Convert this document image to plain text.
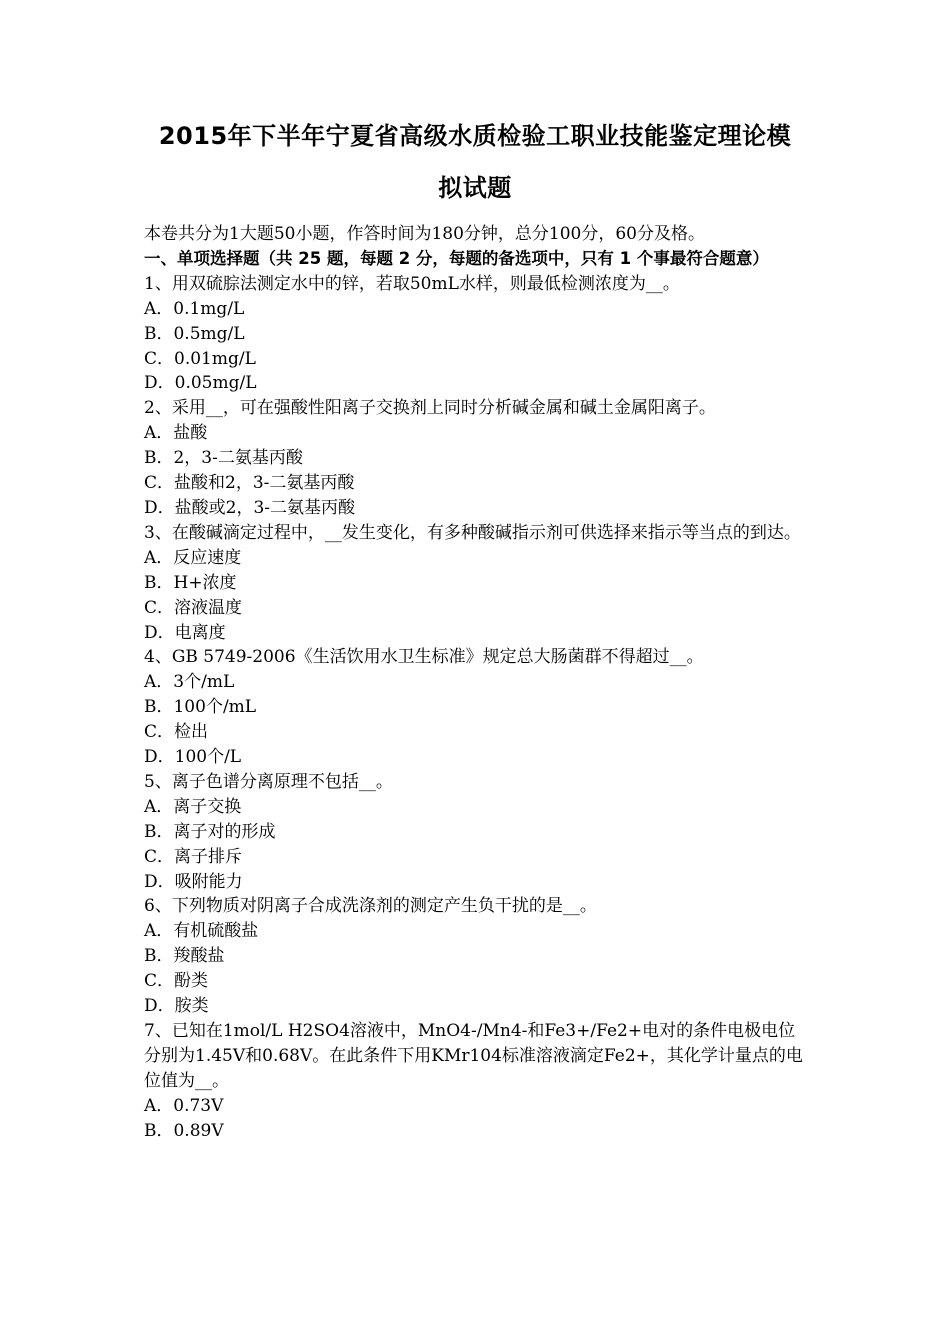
2015年下半年宁夏省高级水质检验工职业技能鉴定理论模
拟试题
本卷共分为1大题50小题，作答时间为180分钟，总分100分，60分及格。
一、单项选择题（共 25 题，每题 2 分，每题的备选项中，只有 1 个事最符合题意）
1、用双硫腙法测定水中的锌，若取50mL水样，则最低检测浓度为__。
A．0.1mg/L
B．0.5mg/L
C．0.01mg/L
D．0.05mg/L
2、采用__，可在强酸性阳离子交换剂上同时分析碱金属和碱土金属阳离子。
A．盐酸
B．2，3-二氨基丙酸
C．盐酸和2，3-二氨基丙酸
D．盐酸或2，3-二氨基丙酸
3、在酸碱滴定过程中，__发生变化，有多种酸碱指示剂可供选择来指示等当点的到达。
A．反应速度
B．H+浓度
C．溶液温度
D．电离度
4、GB 5749-2006《生活饮用水卫生标准》规定总大肠菌群不得超过__。
A．3个/mL
B．100个/mL
C．检出
D．100个/L
5、离子色谱分离原理不包括__。
A．离子交换
B．离子对的形成
C．离子排斥
D．吸附能力
6、下列物质对阴离子合成洗涤剂的测定产生负干扰的是__。
A．有机硫酸盐
B．羧酸盐
C．酚类
D．胺类
7、已知在1mol/L H2SO4溶液中，MnO4-/Mn4-和Fe3+/Fe2+电对的条件电极电位分别为1.45V和0.68V。在此条件下用KMr104标准溶液滴定Fe2+，其化学计量点的电位值为__。
A．0.73V
B．0.89V
